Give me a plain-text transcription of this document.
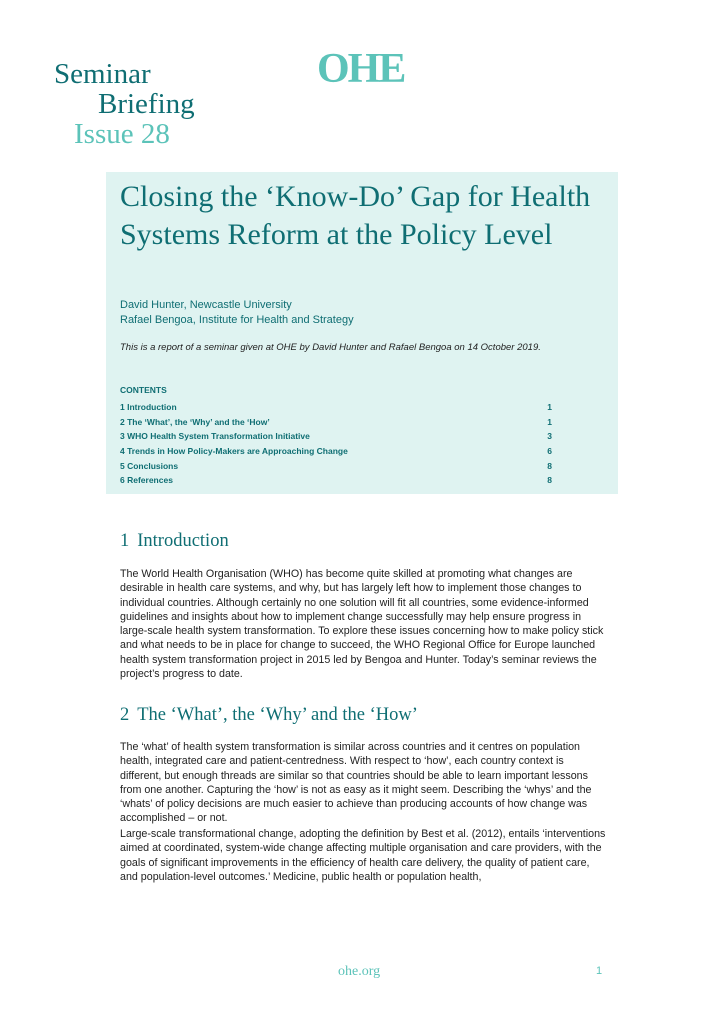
Seminar
Briefing
Issue 28
OHE
Closing the ‘Know-Do’ Gap for Health Systems Reform at the Policy Level
David Hunter, Newcastle University
Rafael Bengoa, Institute for Health and Strategy
This is a report of a seminar given at OHE by David Hunter and Rafael Bengoa on 14 October 2019.
CONTENTS
1 Introduction	1
2 The ‘What’, the ‘Why’ and the ‘How’	1
3 WHO Health System Transformation Initiative	3
4 Trends in How Policy-Makers are Approaching Change	6
5 Conclusions	8
6 References	8
1 Introduction

The World Health Organisation (WHO) has become quite skilled at promoting what changes are desirable in health care systems, and why, but has largely left how to implement those changes to individual countries. Although certainly no one solution will fit all countries, some evidence-informed guidelines and insights about how to implement change successfully may help ensure progress in large-scale health system transformation. To explore these issues concerning how to make policy stick and what needs to be in place for change to succeed, the WHO Regional Office for Europe launched health system transformation project in 2015 led by Bengoa and Hunter. Today’s seminar reviews the project’s progress to date.

2 The ‘What’, the ‘Why’ and the ‘How’

The ‘what’ of health system transformation is similar across countries and it centres on population health, integrated care and patient-centredness. With respect to ‘how’, each country context is different, but enough threads are similar so that countries should be able to learn important lessons from one another. Capturing the ‘how’ is not as easy as it might seem. Describing the ‘whys’ and the ‘whats’ of policy decisions are much easier to achieve than producing accounts of how change was accomplished – or not.

Large-scale transformational change, adopting the definition by Best et al. (2012), entails ‘interventions aimed at coordinated, system-wide change affecting multiple organisation and care providers, with the goals of significant improvements in the efficiency of health care delivery, the quality of patient care, and population-level outcomes.’ Medicine, public health or population health,

ohe.org	1
